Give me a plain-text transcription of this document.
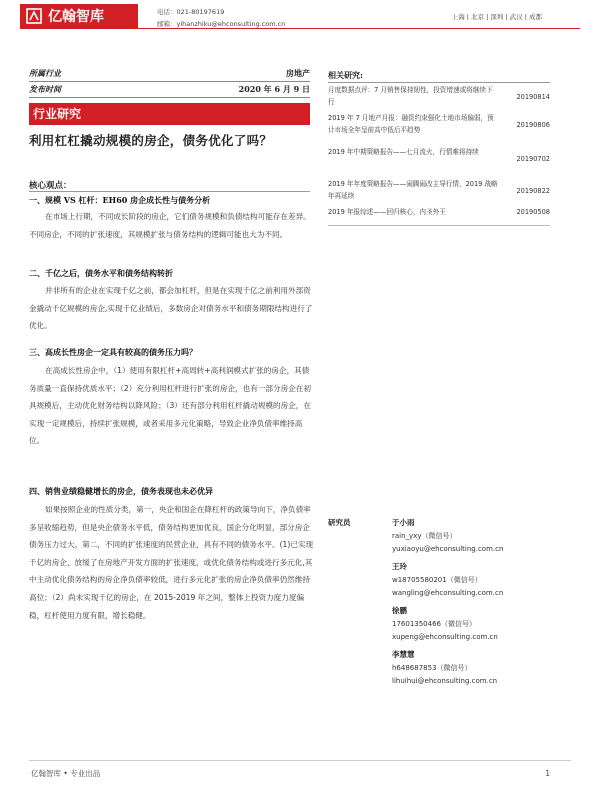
亿翰智库	电话：021-80197619
邮箱：yihanzhiku@ehconsulting.com.cn
上海 | 北京 | 深圳 | 武汉 | 成都
所属行业	房地产
发布时间	2020 年 6 月 9 日
行业研究
利用杠杠撬动规模的房企，债务优化了吗？
核心观点：
一、规模 VS 杠杆：EH60 房企成长性与债务分析
在市场上行期，不同成长阶段的房企，它们债务规模和负债结构可能存在差异。不同房企，不同的扩张速度，其规模扩张与债务结构的逻辑可能也大为不同。
二、千亿之后，债务水平和债务结构转折
并非所有的企业在实现千亿之前，都会加杠杆，但是在实现千亿之前利用外部资金撬动千亿规模的房企,实现千亿业绩后，多数房企对债务水平和债务期限结构进行了优化。
三、高成长性房企一定具有较高的债务压力吗？
在高成长性房企中，（1）使用有限杠杆+高周转+高利润模式扩张的房企，其债务质量一直保持优质水平；（2）充分利用杠杆进行扩张的房企，也有一部分房企在初具规模后，主动优化财务结构以降风险；（3）还有部分利用杠杆撬动规模的房企，在实现一定规模后，持续扩张规模，或者采用多元化策略，导致企业净负债率维持高位。
四、销售业绩稳健增长的房企，债务表现也未必优异
如果按照企业的性质分类，第一，央企和国企在降杠杆的政策导向下，净负债率多呈收缩趋势，但是央企债务水平低，债务结构更加优良，国企分化明显，部分房企债务压力过大。第二，不同的扩张速度的民营企业，具有不同的债务水平。(1)已实现千亿的房企，放缓了在房地产开发方面的扩张速度，或优化债务结构或进行多元化,其中主动优化债务结构的房企净负债率较低，进行多元化扩张的房企净负债率仍然维持高位；（2）尚未实现千亿的房企，在 2015-2019 年之间，整体上投资力度力度偏稳，杠杆使用力度有限，增长稳健。
相关研究:
月度数据点评：7 月销售保持韧性，投资增速或将继续下行
20190814
2019 年 7 月地产月报：融资约束强化土地市场偏弱，预计市场全年呈前高中低后平趋势
20190806
2019 年中期策略报告——七月流火，行情难将持续
20190702
2019 年年度策略报告——闹腾闹改主导行情，2019 战略年再延续
20190822
2019 年报综述——回归核心，内圣外王	20190508
研究员	于小雨
rain_yxy（微信号）
yuxiaoyu@ehconsulting.com.cn
王玲
w18705580201（微信号）
wangling@ehconsulting.com.cn
徐鹏
17601350466（微信号）
xupeng@ehconsulting.com.cn
李慧慧
h648687853（微信号）
lihuihui@ehconsulting.com.cn
亿翰智库 • 专业出品	1
